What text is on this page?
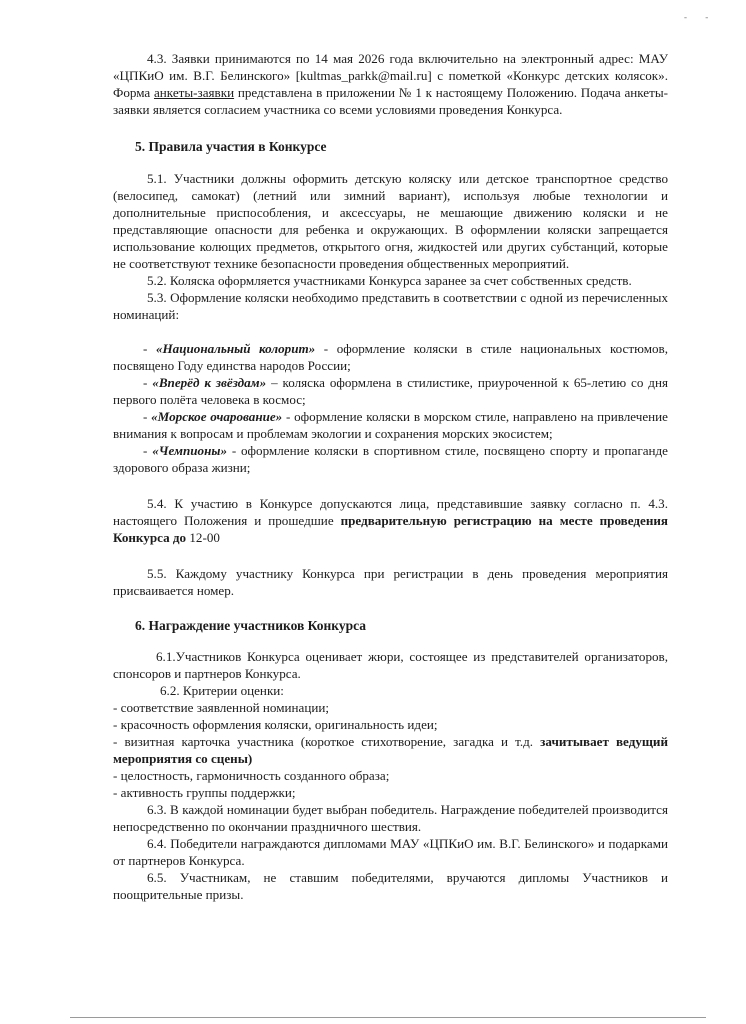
- -

4.3. Заявки принимаются по 14 мая 2026 года включительно на электронный адрес: МАУ «ЦПКиО им. В.Г. Белинского» [kultmas_parkk@mail.ru] с пометкой «Конкурс детских колясок». Форма анкеты-заявки представлена в приложении № 1 к настоящему Положению. Подача анкеты-заявки является согласием участника со всеми условиями проведения Конкурса.

5. Правила участия в Конкурсе

5.1. Участники должны оформить детскую коляску или детское транспортное средство (велосипед, самокат) (летний или зимний вариант), используя любые технологии и дополнительные приспособления, и аксессуары, не мешающие движению коляски и не представляющие опасности для ребенка и окружающих. В оформлении коляски запрещается использование колющих предметов, открытого огня, жидкостей или других субстанций, которые не соответствуют технике безопасности проведения общественных мероприятий.

5.2. Коляска оформляется участниками Конкурса заранее за счет собственных средств.

5.3. Оформление коляски необходимо представить в соответствии с одной из перечисленных номинаций:

- «Национальный колорит» - оформление коляски в стиле национальных костюмов, посвящено Году единства народов России;

- «Вперёд к звёздам» – коляска оформлена в стилистике, приуроченной к 65-летию со дня первого полёта человека в космос;

- «Морское очарование» - оформление коляски в морском стиле, направлено на привлечение внимания к вопросам и проблемам экологии и сохранения морских экосистем;

- «Чемпионы» - оформление коляски в спортивном стиле, посвящено спорту и пропаганде здорового образа жизни;

5.4. К участию в Конкурсе допускаются лица, представившие заявку согласно п. 4.3. настоящего Положения и прошедшие предварительную регистрацию на месте проведения Конкурса до 12-00

5.5. Каждому участнику Конкурса при регистрации в день проведения мероприятия присваивается номер.

6. Награждение участников Конкурса

6.1.Участников Конкурса оценивает жюри, состоящее из представителей организаторов, спонсоров и партнеров Конкурса.

6.2. Критерии оценки:

- соответствие заявленной номинации;

- красочность оформления коляски, оригинальность идеи;

- визитная карточка участника (короткое стихотворение, загадка и т.д. зачитывает ведущий мероприятия со сцены)

- целостность, гармоничность созданного образа;

- активность группы поддержки;

6.3. В каждой номинации будет выбран победитель. Награждение победителей производится непосредственно по окончании праздничного шествия.

6.4. Победители награждаются дипломами МАУ «ЦПКиО им. В.Г. Белинского» и подарками от партнеров Конкурса.

6.5. Участникам, не ставшим победителями, вручаются дипломы Участников и поощрительные призы.
